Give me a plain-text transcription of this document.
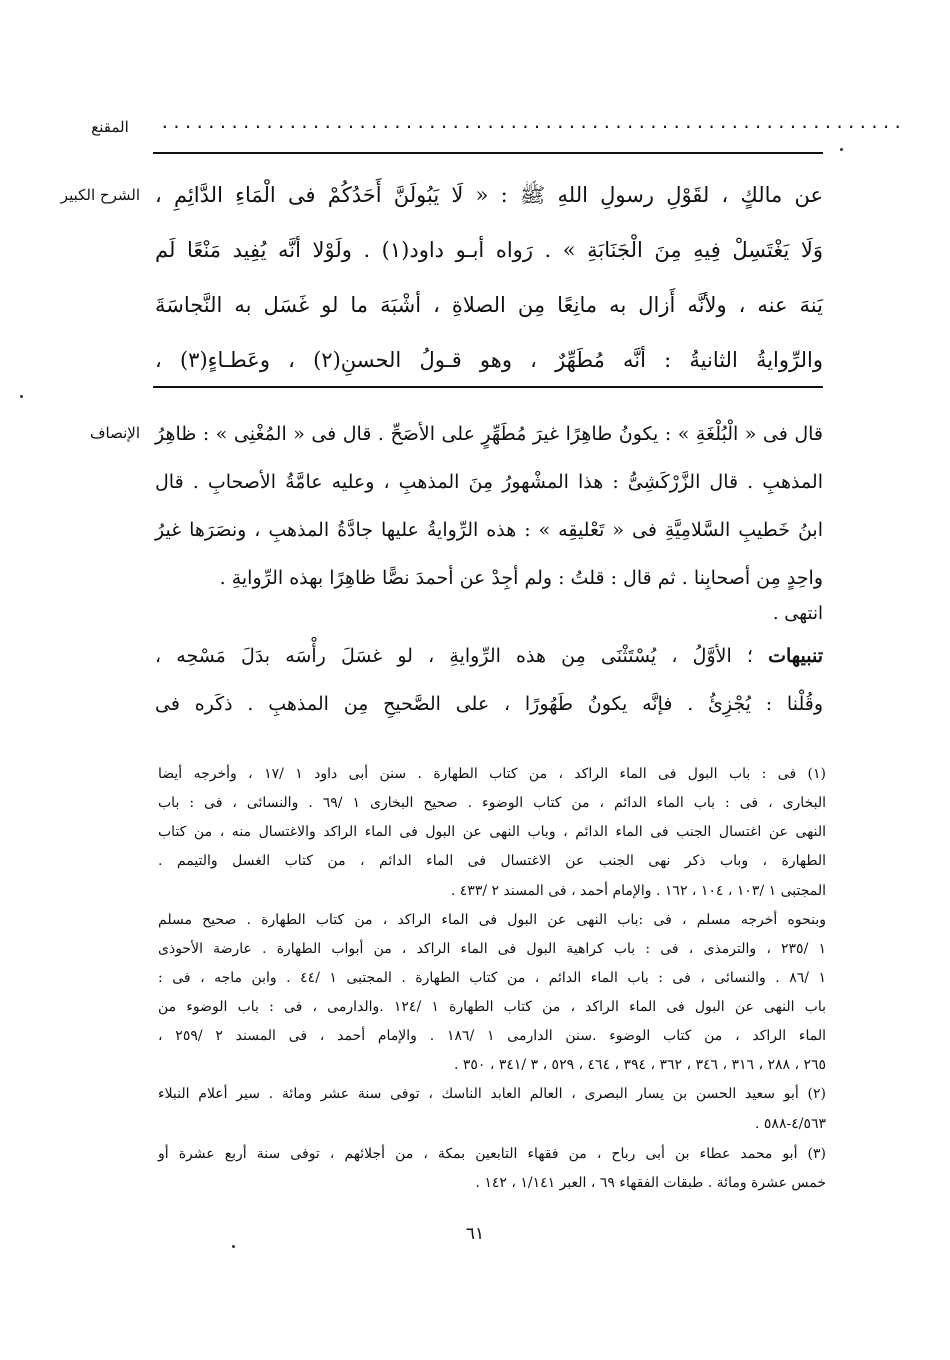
المقنع	................................................................
الشرح الكبير عن مالكٍ ، لقَوْلِ رسولِ اللهِ ﷺ : « لَا يَبُولَنَّ أَحَدُكُمْ فى الْمَاءِ الدَّائِمِ ،
وَلَا يَغْتَسِلْ فِيهِ مِنَ الْجَنَابَةِ » . رَواه أبـو داود(١) . ولَوْلا أنَّه يُفِيد مَنْعًا لَم
يَنهَ عنه ، ولأنَّه أَزال به مانِعًا مِن الصلاةِ ، أشْبَهَ ما لو غَسَل به النَّجاسَةَ
والرِّوايةُ الثانيةُ : أنَّه مُطَهِّرٌ ، وهو قـولُ الحسنِ(٢) ، وعَطـاءٍ(٣) ،
الإنصاف قال فى « الْبُلْغَةِ » : يكونُ طاهِرًا غيرَ مُطَهِّرٍ على الأصَحِّ . قال فى « المُغْنِى » : ظاهِرُ
المذهبِ . قال الزَّرْكَشِىُّ : هذا المشْهورُ مِنَ المذهبِ ، وعليه عامَّةُ الأصحابِ . قال
ابنُ خَطيبِ السَّلامِيَّةِ فى « تَعْليقِه » : هذه الرِّوايةُ عليها جادَّةُ المذهبِ ، ونصَرَها غيرُ
واحِدٍ مِن أصحابِنا . ثم قال : قلتُ : ولم أجِدْ عن أحمدَ نصًّا ظاهِرًا بهذه الرِّوايةِ .
انتهى .
تنبيهات ؛ الأوَّلُ ، يُسْتَثْنَى مِن هذه الرِّوايةِ ، لو غسَلَ رأْسَه بدَلَ مَسْحِه ،
وقُلْنا : يُجْزِئُ . فإنَّه يكونُ طَهُورًا ، على الصَّحيحِ مِن المذهبِ . ذكَره فى
(١) فى : باب البول فى الماء الراكد ، من كتاب الطهارة . سنن أبى داود ١ /١٧ ، وأخرجه أيضا
البخارى ، فى : باب الماء الدائم ، من كتاب الوضوء . صحيح البخارى ١ /٦٩ . والنسائى ، فى : باب
النهى عن اغتسال الجنب فى الماء الدائم ، وباب النهى عن البول فى الماء الراكد والاغتسال منه ، من كتاب
الطهارة ، وباب ذكر نهى الجنب عن الاغتسال فى الماء الدائم ، من كتاب الغسل والتيمم .
المجتبى ١ /١٠٣ ، ١٠٤ ، ١٦٢ . والإمام أحمد ، فى المسند ٢ /٤٣٣ .
وبنحوه أخرجه مسلم ، فى :باب النهى عن البول فى الماء الراكد ، من كتاب الطهارة . صحيح مسلم
١ /٢٣٥ ، والترمذى ، فى : باب كراهية البول فى الماء الراكد ، من أبواب الطهارة . عارضة الأحوذى
١ /٨٦ . والنسائى ، فى : باب الماء الدائم ، من كتاب الطهارة . المجتبى ١ /٤٤ . وابن ماجه ، فى :
باب النهى عن البول فى الماء الراكد ، من كتاب الطهارة ١ /١٢٤ .والدارمى ، فى : باب الوضوء من
الماء الراكد ، من كتاب الوضوء .سنن الدارمى ١ /١٨٦ . والإمام أحمد ، فى المسند ٢ /٢٥٩ ،
٢٦٥ ، ٢٨٨ ، ٣١٦ ، ٣٤٦ ، ٣٦٢ ، ٣٩٤ ، ٤٦٤ ، ٥٢٩ ، ٣ /٣٤١ ، ٣٥٠ .
(٢) أبو سعيد الحسن بن يسار البصرى ، العالم العابد الناسك ، توفى سنة عشر ومائة . سير أعلام النبلاء
٤/٥٦٣-٥٨٨ .
(٣) أبو محمد عطاء بن أبى رباح ، من فقهاء التابعين بمكة ، من أجلائهم ، توفى سنة أربع عشرة أو
خمس عشرة ومائة . طبقات الفقهاء ٦٩ ، العبر ١/١٤١ ، ١٤٢ .
٦١
